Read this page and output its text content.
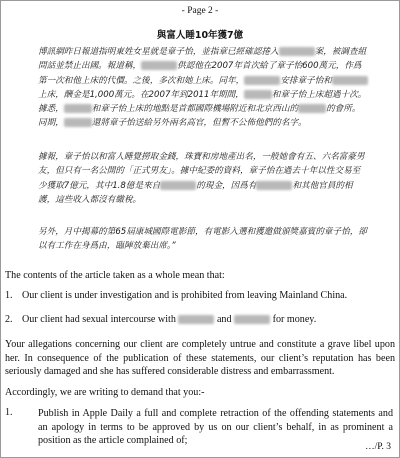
- Page 2 -
與富人睡10年獲7億
博訊網昨日報道指明東姓女星就是章子怡，並指章已經確認捲入	案，被調查組問話並禁止出國。報道稱，	供認他在2007年首次給了章子怡600萬元，作爲第一次和他上床的代價。之後，多次和她上床。同年，	安排章子怡和上床，酬金是1,000萬元。在2007年到2011年期間，	和章子怡上床超過十次。據悉，	和章子怡上床的地點是首都國際機場附近和北京西山的	的會所。同期，	還將章子怡送給另外兩名高官，但暫不公佈他們的名字。
據報，章子怡以和富人睡覺撈取金錢，珠寶和房地產出名，一般她會有五、六名富豪男友，但只有一名公開的「正式男友」。據中紀委的資料，章子怡在過去十年以性交易至少獲取7億元，其中1.8億是來自	的現金，因爲有	和其他官員的相護，這些收入都沒有繳稅。
另外，月中揭幕的第65屆康城國際電影節，有電影入選和獲邀做頒獎嘉賓的章子怡，卻以有工作在身爲由，臨陣放棄出席。”
The contents of the article taken as a whole mean that:
1. Our client is under investigation and is prohibited from leaving Mainland China.
2. Our client had sexual intercourse with	and	for money.
Your allegations concerning our client are completely untrue and constitute a grave libel upon her. In consequence of the publication of these statements, our client’s reputation has been seriously damaged and she has suffered considerable distress and embarrassment.
Accordingly, we are writing to demand that you:-
1.	Publish in Apple Daily a full and complete retraction of the offending statements and an apology in terms to be approved by us on our client’s behalf, in as prominent a position as the article complained of;
…/P. 3
